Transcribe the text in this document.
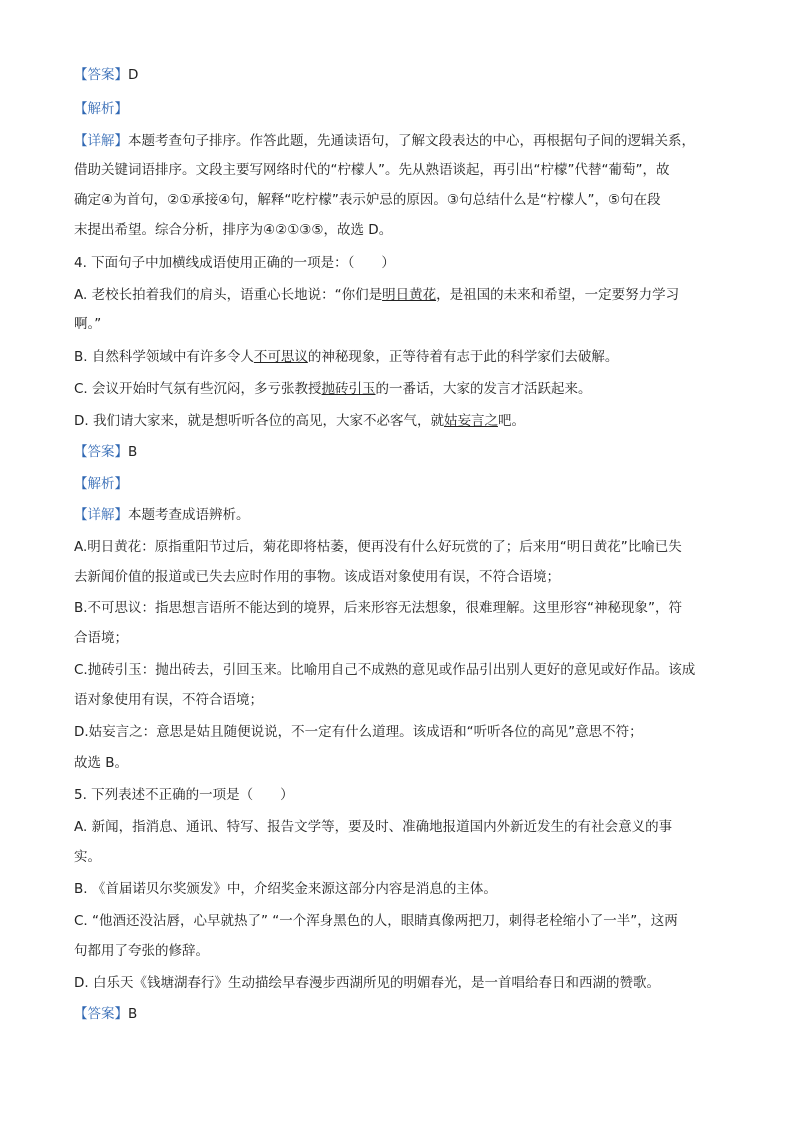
【答案】D
【解析】
【详解】本题考查句子排序。作答此题，先通读语句，了解文段表达的中心，再根据句子间的逻辑关系，
借助关键词语排序。文段主要写网络时代的“柠檬人”。先从熟语谈起，再引出“柠檬”代替“葡萄”，故
确定④为首句，②①承接④句，解释“吃柠檬”表示妒忌的原因。③句总结什么是“柠檬人”，⑤句在段
末提出希望。综合分析，排序为④②①③⑤，故选 D。
4. 下面句子中加横线成语使用正确的一项是：（　　）
A. 老校长拍着我们的肩头，语重心长地说：“你们是明日黄花，是祖国的未来和希望，一定要努力学习
啊。”
B. 自然科学领域中有许多令人不可思议的神秘现象，正等待着有志于此的科学家们去破解。
C. 会议开始时气氛有些沉闷，多亏张教授抛砖引玉的一番话，大家的发言才活跃起来。
D. 我们请大家来，就是想听听各位的高见，大家不必客气，就姑妄言之吧。
【答案】B
【解析】
【详解】本题考查成语辨析。
A.明日黄花：原指重阳节过后，菊花即将枯萎，便再没有什么好玩赏的了；后来用“明日黄花”比喻已失
去新闻价值的报道或已失去应时作用的事物。该成语对象使用有误，不符合语境；
B.不可思议：指思想言语所不能达到的境界，后来形容无法想象，很难理解。这里形容“神秘现象”，符
合语境；
C.抛砖引玉：抛出砖去，引回玉来。比喻用自己不成熟的意见或作品引出别人更好的意见或好作品。该成
语对象使用有误，不符合语境；
D.姑妄言之：意思是姑且随便说说，不一定有什么道理。该成语和“听听各位的高见”意思不符；
故选 B。
5. 下列表述不正确的一项是（　　）
A. 新闻，指消息、通讯、特写、报告文学等，要及时、准确地报道国内外新近发生的有社会意义的事
实。
B. 《首届诺贝尔奖颁发》中，介绍奖金来源这部分内容是消息的主体。
C. “他酒还没沾唇，心早就热了” “一个浑身黑色的人，眼睛真像两把刀，刺得老栓缩小了一半”，这两
句都用了夸张的修辞。
D. 白乐天《钱塘湖春行》生动描绘早春漫步西湖所见的明媚春光，是一首唱给春日和西湖的赞歌。
【答案】B
